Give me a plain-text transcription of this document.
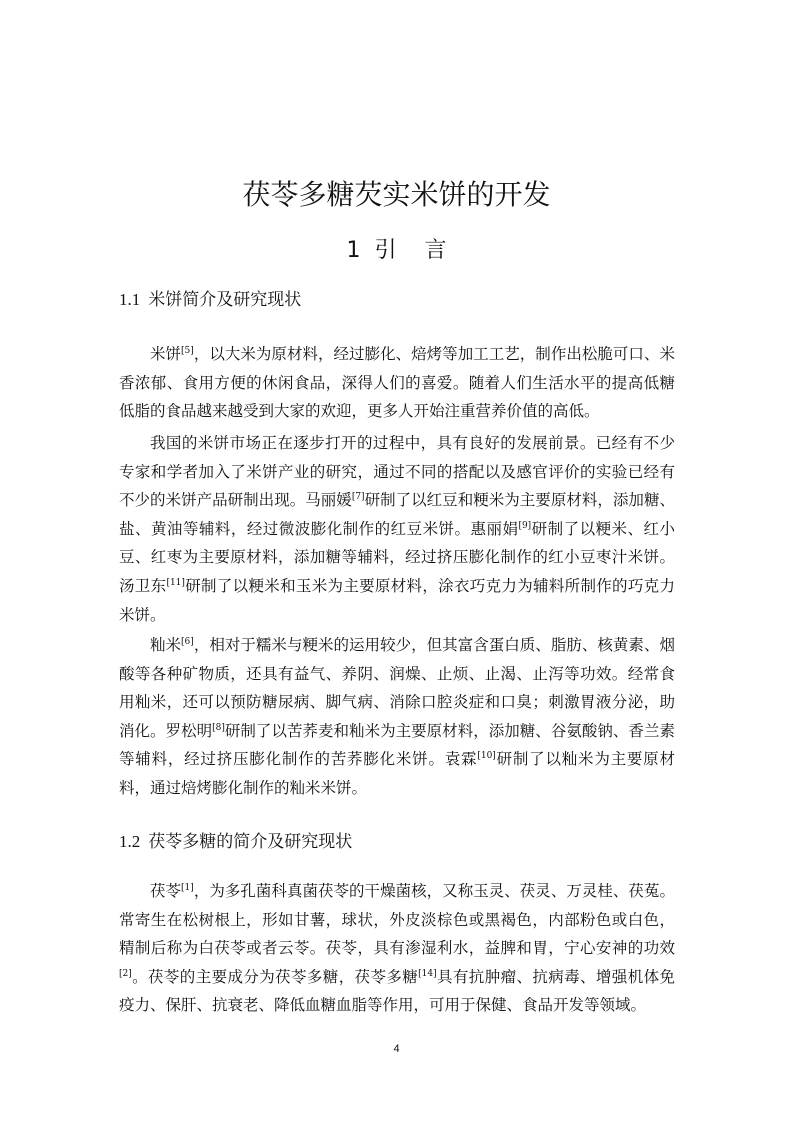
茯苓多糖芡实米饼的开发
1 引    言
1.1 米饼简介及研究现状

米饼[5]，以大米为原材料，经过膨化、焙烤等加工工艺，制作出松脆可口、米香浓郁、食用方便的休闲食品，深得人们的喜爱。随着人们生活水平的提高低糖低脂的食品越来越受到大家的欢迎，更多人开始注重营养价值的高低。

我国的米饼市场正在逐步打开的过程中，具有良好的发展前景。已经有不少专家和学者加入了米饼产业的研究，通过不同的搭配以及感官评价的实验已经有不少的米饼产品研制出现。马丽媛[7]研制了以红豆和粳米为主要原材料，添加糖、盐、黄油等辅料，经过微波膨化制作的红豆米饼。惠丽娟[9]研制了以粳米、红小豆、红枣为主要原材料，添加糖等辅料，经过挤压膨化制作的红小豆枣汁米饼。汤卫东[11]研制了以粳米和玉米为主要原材料，涂衣巧克力为辅料所制作的巧克力米饼。

籼米[6]，相对于糯米与粳米的运用较少，但其富含蛋白质、脂肪、核黄素、烟酸等各种矿物质，还具有益气、养阴、润燥、止烦、止渴、止泻等功效。经常食用籼米，还可以预防糖尿病、脚气病、消除口腔炎症和口臭；刺激胃液分泌，助消化。罗松明[8]研制了以苦荞麦和籼米为主要原材料，添加糖、谷氨酸钠、香兰素等辅料，经过挤压膨化制作的苦荞膨化米饼。袁霖[10]研制了以籼米为主要原材料，通过焙烤膨化制作的籼米米饼。

1.2 茯苓多糖的简介及研究现状

茯苓[1]，为多孔菌科真菌茯苓的干燥菌核，又称玉灵、茯灵、万灵桂、茯菟。常寄生在松树根上，形如甘薯，球状，外皮淡棕色或黑褐色，内部粉色或白色，精制后称为白茯苓或者云苓。茯苓，具有渗湿利水，益脾和胃，宁心安神的功效[2]。茯苓的主要成分为茯苓多糖，茯苓多糖[14]具有抗肿瘤、抗病毒、增强机体免疫力、保肝、抗衰老、降低血糖血脂等作用，可用于保健、食品开发等领域。

4
